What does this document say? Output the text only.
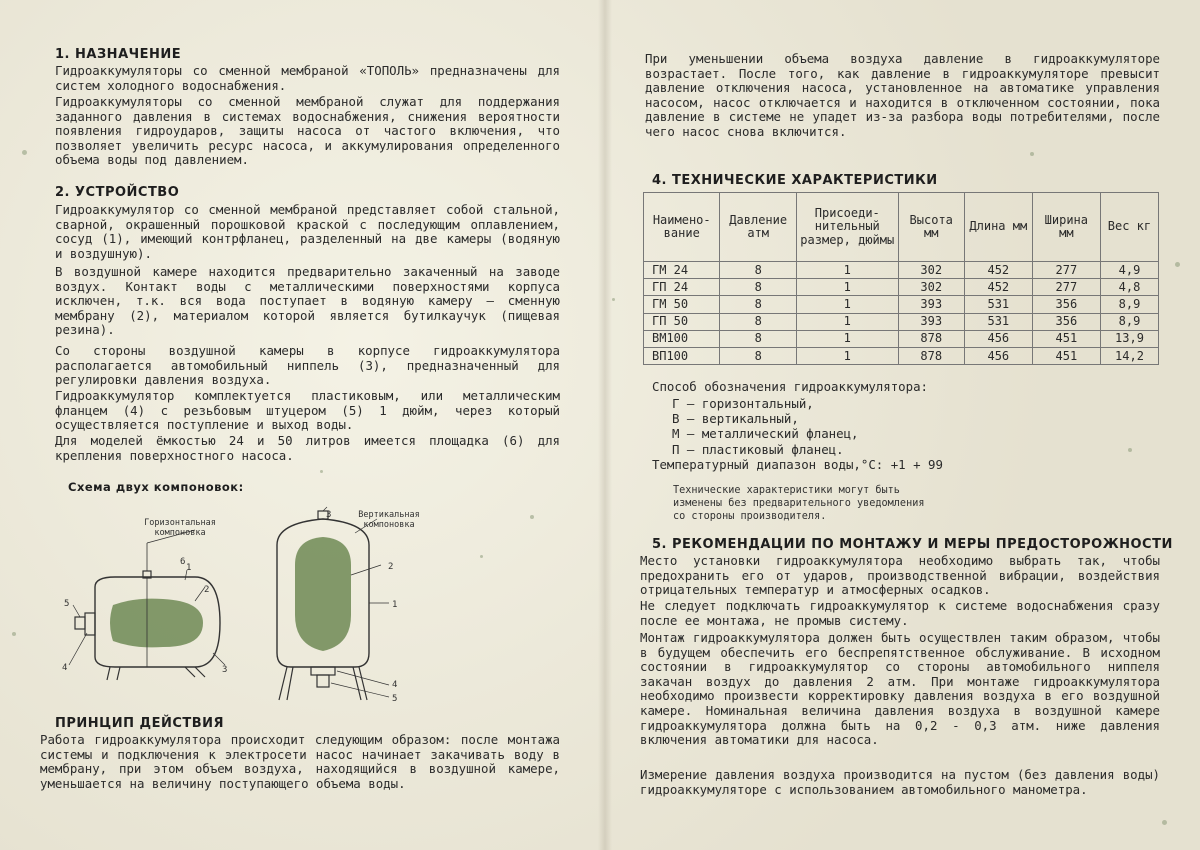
1. НАЗНАЧЕНИЕ

Гидроаккумуляторы со сменной мембраной «ТОПОЛЬ» предназначены для систем холодного водоснабжения.

Гидроаккумуляторы со сменной мембраной служат для поддержания заданного давления в системах водоснабжения, снижения вероятности появления гидроударов, защиты насоса от частого включения, что позволяет увеличить ресурс насоса, и аккумулирования определенного объема воды под давлением.

2. УСТРОЙСТВО

Гидроаккумулятор со сменной мембраной представляет собой стальной, сварной, окрашенный порошковой краской с последующим оплавлением, сосуд (1), имеющий контрфланец, разделенный на две камеры (водяную и воздушную).

В воздушной камере находится предварительно закаченный на заводе воздух. Контакт воды с металлическими поверхностями корпуса исключен, т.к. вся вода поступает в водяную камеру — сменную мембрану (2), материалом которой является бутилкаучук (пищевая резина).

Со стороны воздушной камеры в корпусе гидроаккумулятора располагается автомобильный ниппель (3), предназначенный для регулировки давления воздуха.

Гидроаккумулятор комплектуется пластиковым, или металлическим фланцем (4) с резьбовым штуцером (5) 1 дюйм, через который осуществляется поступление и выход воды.

Для моделей ёмкостью 24 и 50 литров имеется площадка (6) для крепления поверхностного насоса.

Схема двух компоновок:
Горизонтальная компоновка
Вертикальная компоновка
ПРИНЦИП ДЕЙСТВИЯ

Работа гидроаккумулятора происходит следующим образом: после монтажа системы и подключения к электросети насос начинает закачивать воду в мембрану, при этом объем воздуха, находящийся в воздушной камере, уменьшается на величину поступающего объема воды.

При уменьшении объема воздуха давление в гидроаккумуляторе возрастает. После того, как давление в гидроаккумуляторе превысит давление отключения насоса, установленное на автоматике управления насосом, насос отключается и находится в отключенном состоянии, пока давление в системе не упадет из-за разбора воды потребителями, после чего насос снова включится.

4. ТЕХНИЧЕСКИЕ ХАРАКТЕРИСТИКИ
Наимено-вание	Давление атм	Присоеди-нительный размер, дюймы	Высота мм	Длина мм	Ширина мм	Вес кг
ГМ 24	8	1	302	452	277	4,9
ГП 24	8	1	302	452	277	4,8
ГМ 50	8	1	393	531	356	8,9
ГП 50	8	1	393	531	356	8,9
ВМ100	8	1	878	456	451	13,9
ВП100	8	1	878	456	451	14,2
Способ обозначения гидроаккумулятора:
Г — горизонтальный,
В — вертикальный,
М — металлический фланец,
П — пластиковый фланец.
Температурный диапазон воды,°С: +1 + 99
Технические характеристики могут быть изменены без предварительного уведомления со стороны производителя.
5. РЕКОМЕНДАЦИИ ПО МОНТАЖУ И МЕРЫ ПРЕДОСТОРОЖНОСТИ

Место установки гидроаккумулятора необходимо выбрать так, чтобы предохранить его от ударов, производственной вибрации, воздействия отрицательных температур и атмосферных осадков.

Не следует подключать гидроаккумулятор к системе водоснабжения сразу после ее монтажа, не промыв систему.

Монтаж гидроаккумулятора должен быть осуществлен таким образом, чтобы в будущем обеспечить его беспрепятственное обслуживание. В исходном состоянии в гидроаккумулятор со стороны автомобильного ниппеля закачан воздух до давления 2 атм. При монтаже гидроаккумулятора необходимо произвести корректировку давления воздуха в его воздушной камере. Номинальная величина давления воздуха в воздушной камере гидроаккумулятора должна быть на 0,2 - 0,3 атм. ниже давления включения автоматики для насоса.

Измерение давления воздуха производится на пустом (без давления воды) гидроаккумуляторе с использованием автомобильного манометра.

6
1
2
5
4	3
3
2
1
4
5
